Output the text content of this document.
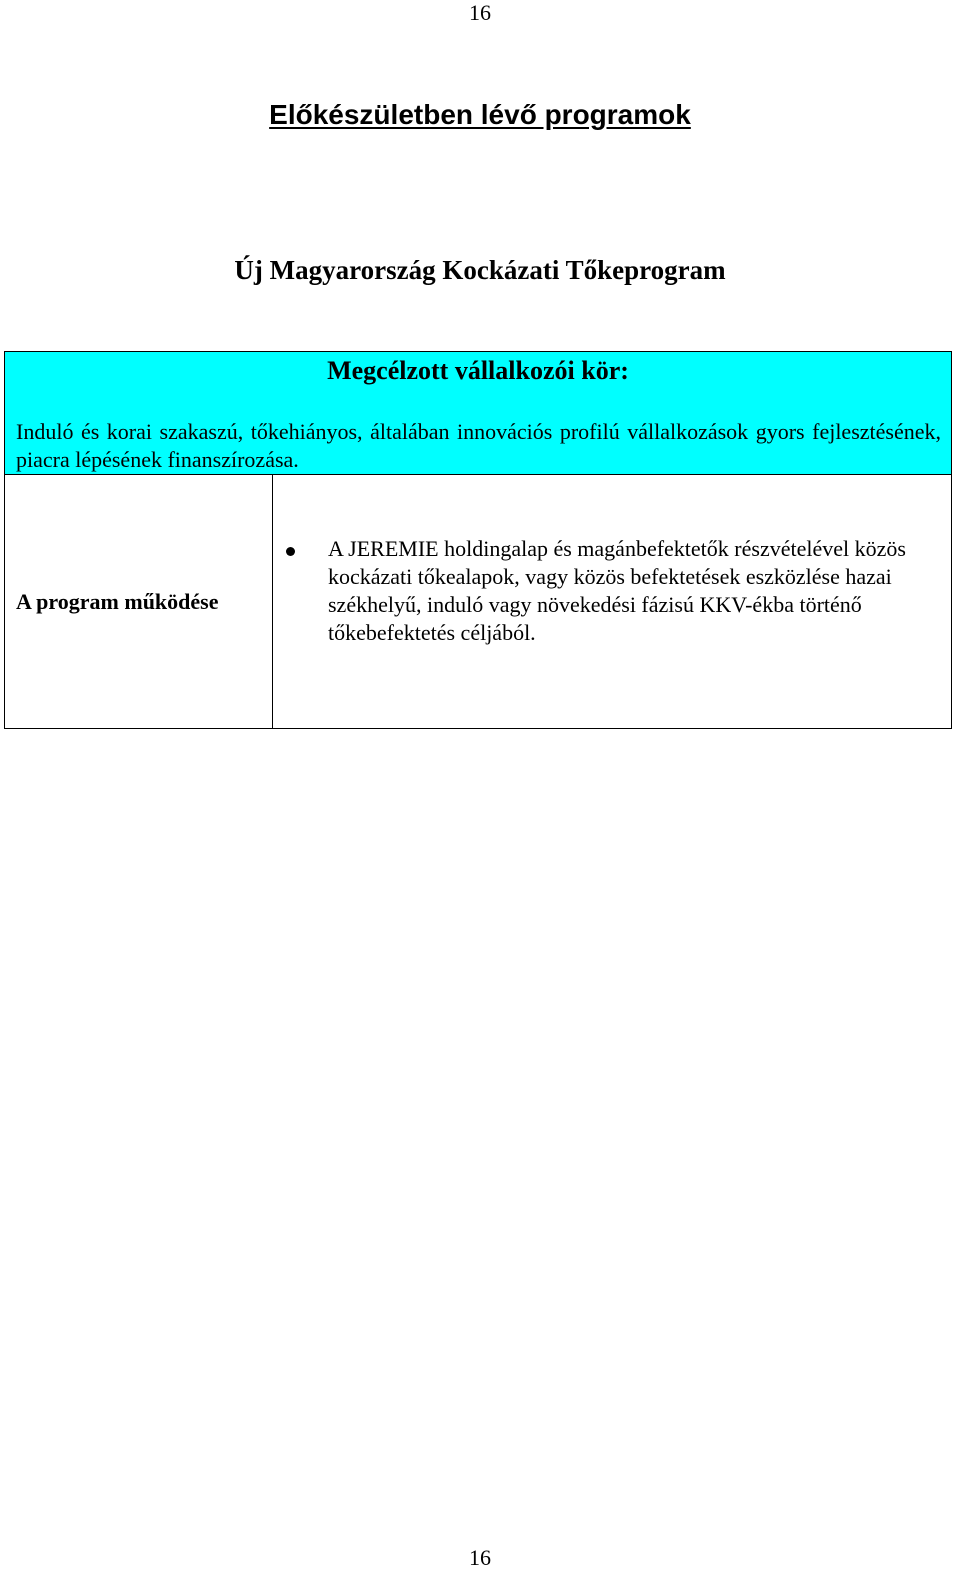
16
Előkészületben lévő programok
Új Magyarország Kockázati Tőkeprogram
Megcélzott vállalkozói kör:
Induló és korai szakaszú, tőkehiányos, általában innovációs profilú vállalkozások gyors fejlesztésének, piacra lépésének finanszírozása.
A program működése
A JEREMIE holdingalap és magánbefektetők részvételével közös kockázati tőkealapok, vagy közös befektetések eszközlése hazai székhelyű, induló vagy növekedési fázisú KKV-ékba történő tőkebefektetés céljából.
16
